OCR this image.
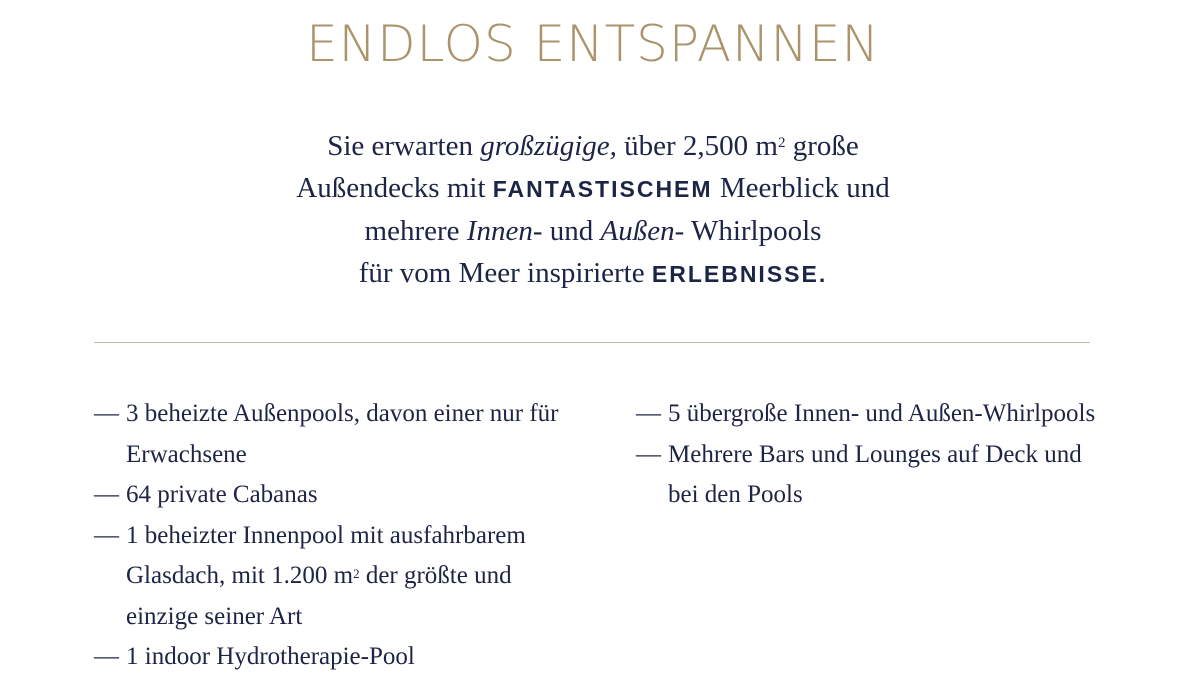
ENDLOS ENTSPANNEN
Sie erwarten großzügige, über 2,500 $m^2$ große
Außendecks mit FANTASTISCHEM Meerblick und
mehrere Innen- und Außen- Whirlpools
für vom Meer inspirierte ERLEBNISSE.
— 3 beheizte Außenpools, davon einer nur für Erwachsene
— 64 private Cabanas
— 1 beheizter Innenpool mit ausfahrbarem Glasdach, mit 1.200 $m^2$ der größte und einzige seiner Art
— 1 indoor Hydrotherapie-Pool
— 5 übergroße Innen- und Außen-Whirlpools
— Mehrere Bars und Lounges auf Deck und bei den Pools
